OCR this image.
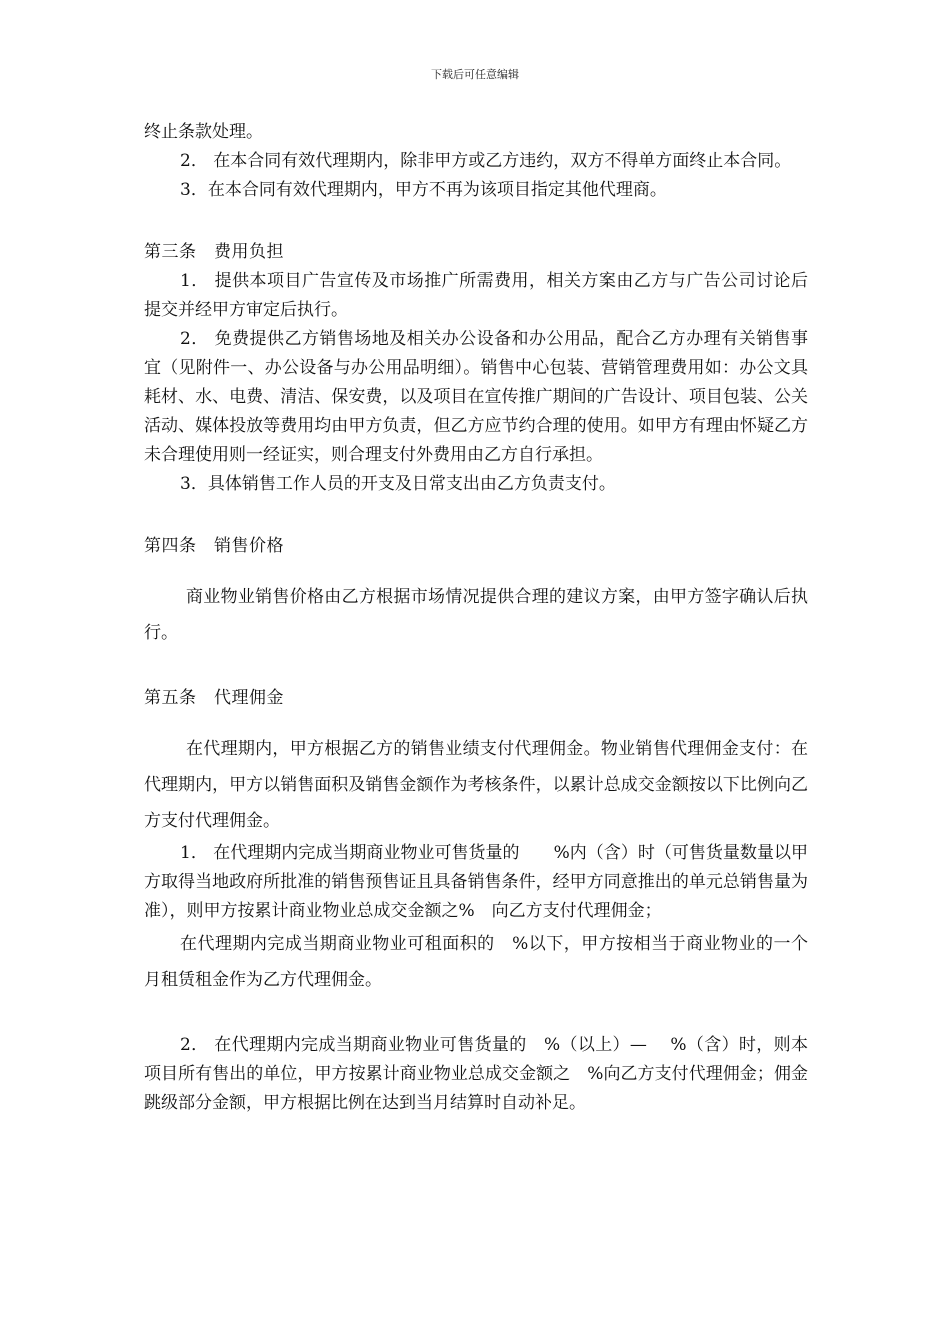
下载后可任意编辑

终止条款处理。

2． 在本合同有效代理期内，除非甲方或乙方违约，双方不得单方面终止本合同。

3．在本合同有效代理期内，甲方不再为该项目指定其他代理商。

第三条　费用负担

1． 提供本项目广告宣传及市场推广所需费用，相关方案由乙方与广告公司讨论后提交并经甲方审定后执行。

2． 免费提供乙方销售场地及相关办公设备和办公用品，配合乙方办理有关销售事宜（见附件一、办公设备与办公用品明细）。销售中心包装、营销管理费用如：办公文具耗材、水、电费、清洁、保安费，以及项目在宣传推广期间的广告设计、项目包装、公关活动、媒体投放等费用均由甲方负责，但乙方应节约合理的使用。如甲方有理由怀疑乙方未合理使用则一经证实，则合理支付外费用由乙方自行承担。

3．具体销售工作人员的开支及日常支出由乙方负责支付。

第四条　销售价格

商业物业销售价格由乙方根据市场情况提供合理的建议方案，由甲方签字确认后执行。

第五条　代理佣金

在代理期内，甲方根据乙方的销售业绩支付代理佣金。物业销售代理佣金支付：在代理期内，甲方以销售面积及销售金额作为考核条件，以累计总成交金额按以下比例向乙方支付代理佣金。

1． 在代理期内完成当期商业物业可售货量的　　%内（含）时（可售货量数量以甲方取得当地政府所批准的销售预售证且具备销售条件，经甲方同意推出的单元总销售量为准），则甲方按累计商业物业总成交金额之%　向乙方支付代理佣金；

在代理期内完成当期商业物业可租面积的　%以下，甲方按相当于商业物业的一个月租赁租金作为乙方代理佣金。

2． 在代理期内完成当期商业物业可售货量的　%（以上）—　 %（含）时，则本项目所有售出的单位，甲方按累计商业物业总成交金额之　%向乙方支付代理佣金；佣金跳级部分金额，甲方根据比例在达到当月结算时自动补足。
